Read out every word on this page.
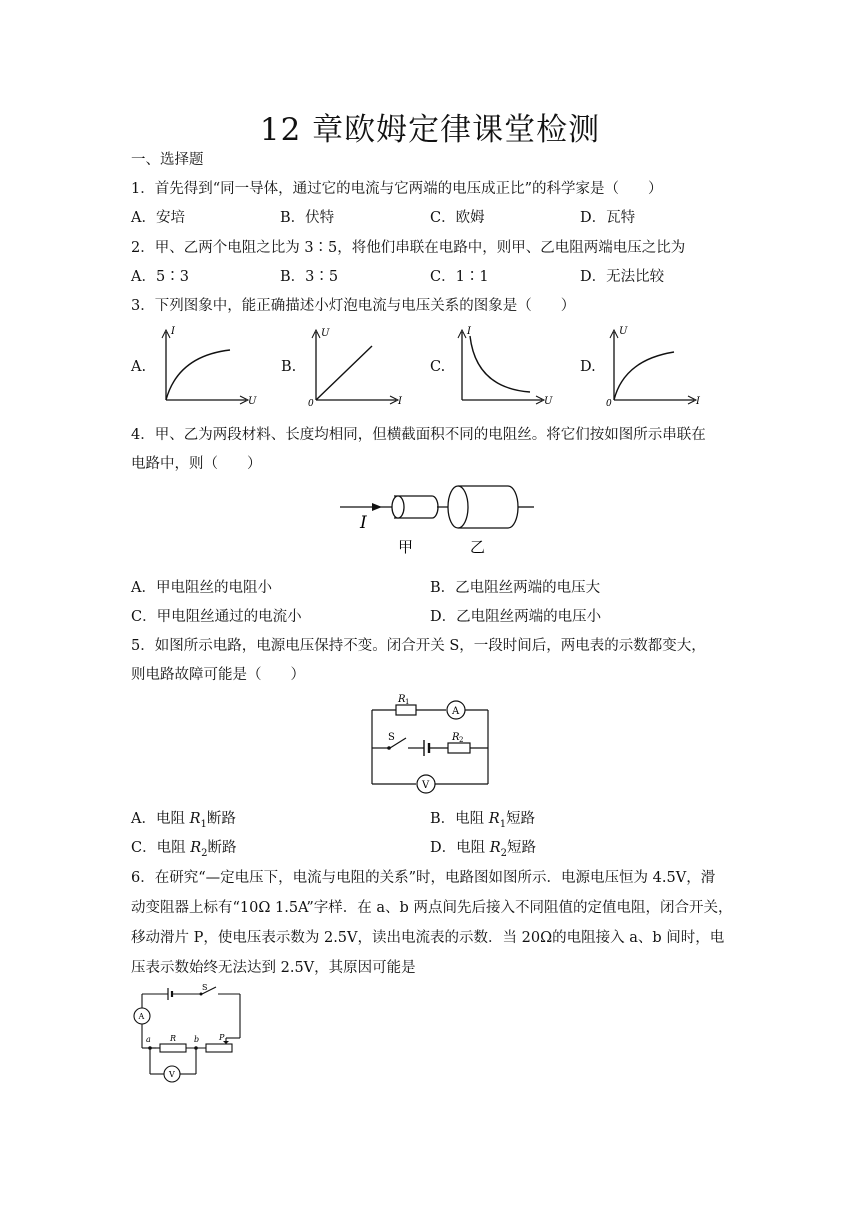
12 章欧姆定律课堂检测
一、选择题
1．首先得到“同一导体，通过它的电流与它两端的电压成正比”的科学家是（　　）
A．安培	B．伏特	C．欧姆	D．瓦特
2．甲、乙两个电阻之比为 3∶5，将他们串联在电路中，则甲、乙电阻两端电压之比为
A．5∶3	B．3∶5	C．1∶1	D．无法比较
3．下列图象中，能正确描述小灯泡电流与电压关系的图象是（　　）
A.	B.	C.	D.
I
U
U
I
0
I
U
U
I
0
4．甲、乙为两段材料、长度均相同，但横截面积不同的电阻丝。将它们按如图所示串联在
电路中，则（　　）
I
甲	乙
A．甲电阻丝的电阻小	B．乙电阻丝两端的电压大
C．甲电阻丝通过的电流小	D．乙电阻丝两端的电压小
5．如图所示电路，电源电压保持不变。闭合开关 S，一段时间后，两电表的示数都变大，
则电路故障可能是（　　）
R 1
A
S	R 2
V
A．电阻 $R_1$断路	B．电阻 $R_1$短路
C．电阻 $R_2$断路	D．电阻 $R_2$短路
6．在研究“—定电压下，电流与电阻的关系”时，电路图如图所示．电源电压恒为 4.5V，滑
动变阻器上标有“10Ω 1.5A”字样．在 a、b 两点间先后接入不同阻值的定值电阻，闭合开关，
移动滑片 P，使电压表示数为 2.5V，读出电流表的示数．当 20Ω的电阻接入 a、b 间时，电
压表示数始终无法达到 2.5V，其原因可能是
S
A
V
R
a	b P
